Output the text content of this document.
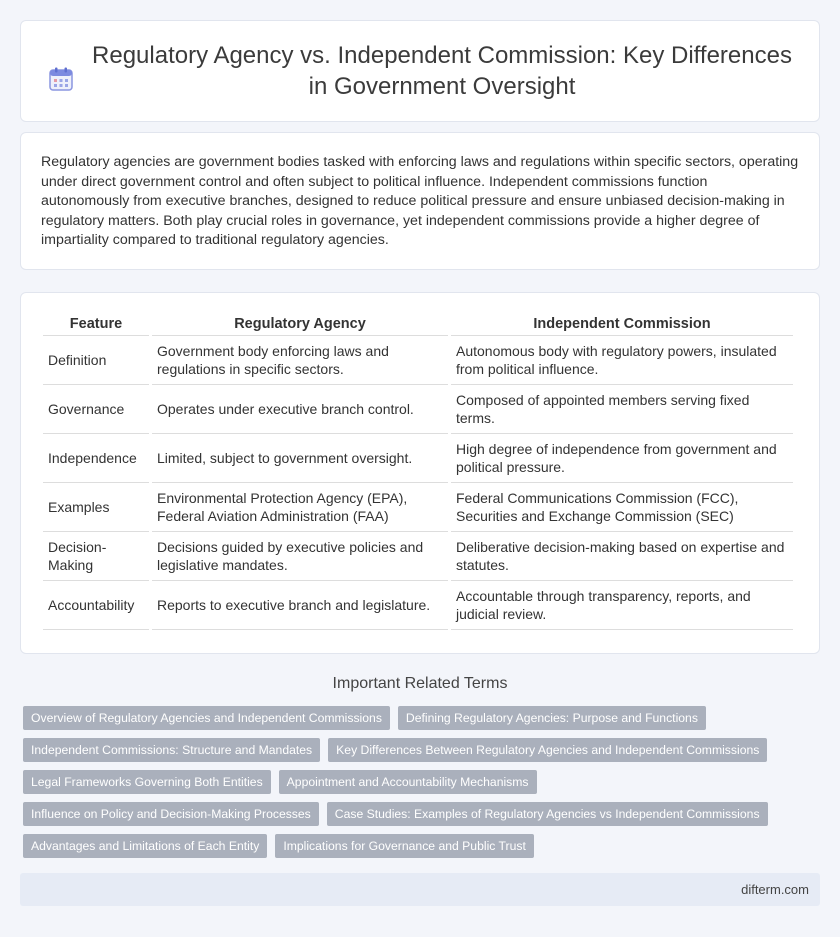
Regulatory Agency vs. Independent Commission: Key Differences in Government Oversight

Regulatory agencies are government bodies tasked with enforcing laws and regulations within specific sectors, operating under direct government control and often subject to political influence. Independent commissions function autonomously from executive branches, designed to reduce political pressure and ensure unbiased decision-making in regulatory matters. Both play crucial roles in governance, yet independent commissions provide a higher degree of impartiality compared to traditional regulatory agencies.

Feature	Regulatory Agency	Independent Commission
Definition	Government body enforcing laws and regulations in specific sectors.	Autonomous body with regulatory powers, insulated from political influence.
Governance	Operates under executive branch control.	Composed of appointed members serving fixed terms.
Independence	Limited, subject to government oversight.	High degree of independence from government and political pressure.
Examples	Environmental Protection Agency (EPA), Federal Aviation Administration (FAA)	Federal Communications Commission (FCC), Securities and Exchange Commission (SEC)
Decision-Making	Decisions guided by executive policies and legislative mandates.	Deliberative decision-making based on expertise and statutes.
Accountability	Reports to executive branch and legislature.	Accountable through transparency, reports, and judicial review.
Important Related Terms
Overview of Regulatory Agencies and Independent Commissions	Defining Regulatory Agencies: Purpose and Functions
Independent Commissions: Structure and Mandates	Key Differences Between Regulatory Agencies and Independent Commissions
Legal Frameworks Governing Both Entities	Appointment and Accountability Mechanisms
Influence on Policy and Decision-Making Processes	Case Studies: Examples of Regulatory Agencies vs Independent Commissions
Advantages and Limitations of Each Entity	Implications for Governance and Public Trust
difterm.com
